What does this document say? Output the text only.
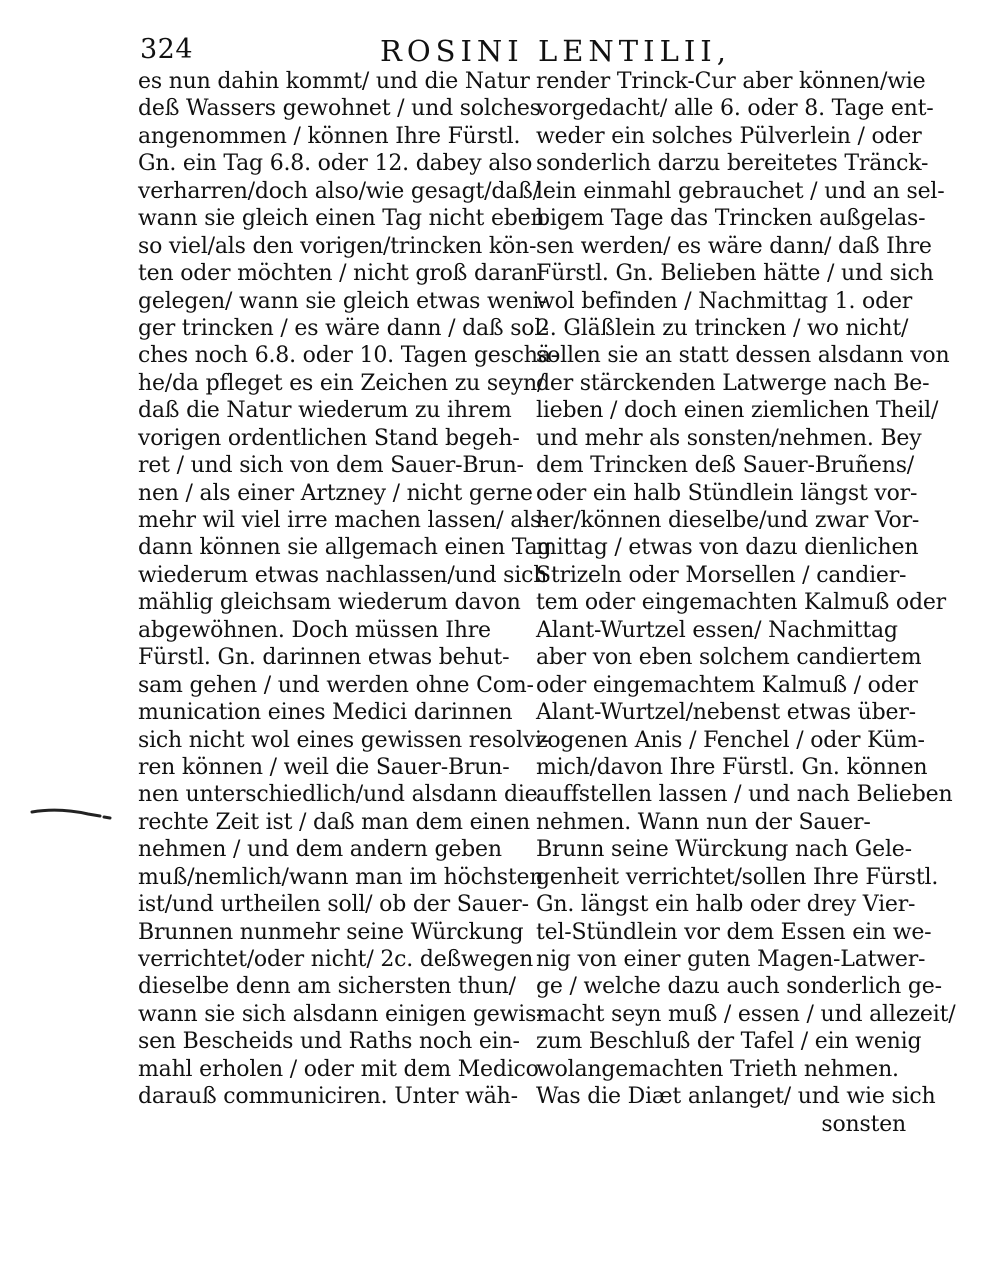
324	ROSINI LENTILII,
es nun dahin kommt/ und die Natur
deß Wassers gewohnet / und solches
angenommen / können Ihre Fürstl.
Gn. ein Tag 6.8. oder 12. dabey also
verharren/doch also/wie gesagt/daß/
wann sie gleich einen Tag nicht eben
so viel/als den vorigen/trincken kön-
ten oder möchten / nicht groß daran
gelegen/ wann sie gleich etwas weni-
ger trincken / es wäre dann / daß sol-
ches noch 6.8. oder 10. Tagen geschä-
he/da pfleget es ein Zeichen zu seyn/
daß die Natur wiederum zu ihrem
vorigen ordentlichen Stand begeh-
ret / und sich von dem Sauer-Brun-
nen / als einer Artzney / nicht gerne
mehr wil viel irre machen lassen/ als-
dann können sie allgemach einen Tag
wiederum etwas nachlassen/und sich
mählig gleichsam wiederum davon
abgewöhnen. Doch müssen Ihre
Fürstl. Gn. darinnen etwas behut-
sam gehen / und werden ohne Com-
munication eines Medici darinnen
sich nicht wol eines gewissen resolvi-
ren können / weil die Sauer-Brun-
nen unterschiedlich/und alsdann die
rechte Zeit ist / daß man dem einen
nehmen / und dem andern geben
muß/nemlich/wann man im höchsten
ist/und urtheilen soll/ ob der Sauer-
Brunnen nunmehr seine Würckung
verrichtet/oder nicht/ 2c. deßwegen
dieselbe denn am sichersten thun/
wann sie sich alsdann einigen gewis-
sen Bescheids und Raths noch ein-
mahl erholen / oder mit dem Medico
darauß communiciren. Unter wäh-
render Trinck-Cur aber können/wie
vorgedacht/ alle 6. oder 8. Tage ent-
weder ein solches Pülverlein / oder
sonderlich darzu bereitetes Tränck-
lein einmahl gebrauchet / und an sel-
bigem Tage das Trincken außgelas-
sen werden/ es wäre dann/ daß Ihre
Fürstl. Gn. Belieben hätte / und sich
wol befinden / Nachmittag 1. oder
2. Gläßlein zu trincken / wo nicht/
sollen sie an statt dessen alsdann von
der stärckenden Latwerge nach Be-
lieben / doch einen ziemlichen Theil/
und mehr als sonsten/nehmen. Bey
dem Trincken deß Sauer-Bruñens/
oder ein halb Stündlein längst vor-
her/können dieselbe/und zwar Vor-
mittag / etwas von dazu dienlichen
Strizeln oder Morsellen / candier-
tem oder eingemachten Kalmuß oder
Alant-Wurtzel essen/ Nachmittag
aber von eben solchem candiertem
oder eingemachtem Kalmuß / oder
Alant-Wurtzel/nebenst etwas über-
zogenen Anis / Fenchel / oder Küm-
mich/davon Ihre Fürstl. Gn. können
auffstellen lassen / und nach Belieben
nehmen. Wann nun der Sauer-
Brunn seine Würckung nach Gele-
genheit verrichtet/sollen Ihre Fürstl.
Gn. längst ein halb oder drey Vier-
tel-Stündlein vor dem Essen ein we-
nig von einer guten Magen-Latwer-
ge / welche dazu auch sonderlich ge-
macht seyn muß / essen / und allezeit/
zum Beschluß der Tafel / ein wenig
wolangemachten Trieth nehmen.
Was die Diæt anlanget/ und wie sich
sonsten
